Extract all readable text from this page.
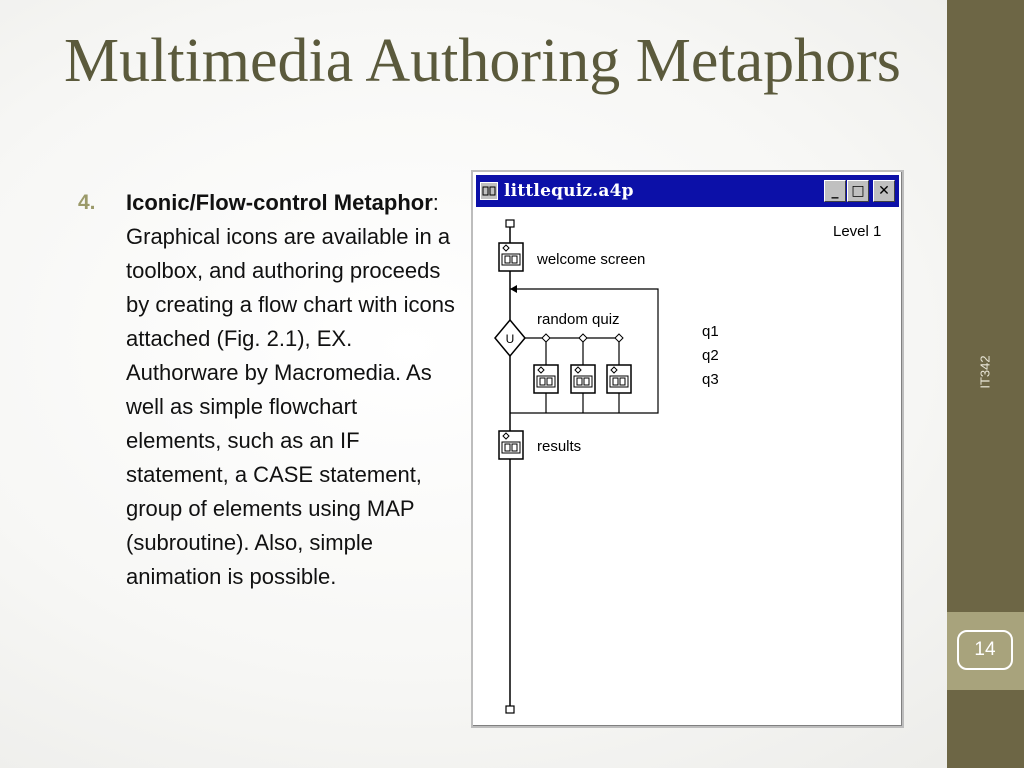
Multimedia Authoring Metaphors
4. Iconic/Flow-control Metaphor: Graphical icons are available in a toolbox, and authoring proceeds by creating a flow chart with icons attached (Fig. 2.1), EX. Authorware by Macromedia. As well as simple flowchart elements, such as an IF statement, a CASE statement, group of elements using MAP (subroutine). Also, simple animation is possible.
IT342
14
littlequiz.a4p	_ □ ✕
Level 1
welcome screen
U
random quiz
q1
q2
q3
results
